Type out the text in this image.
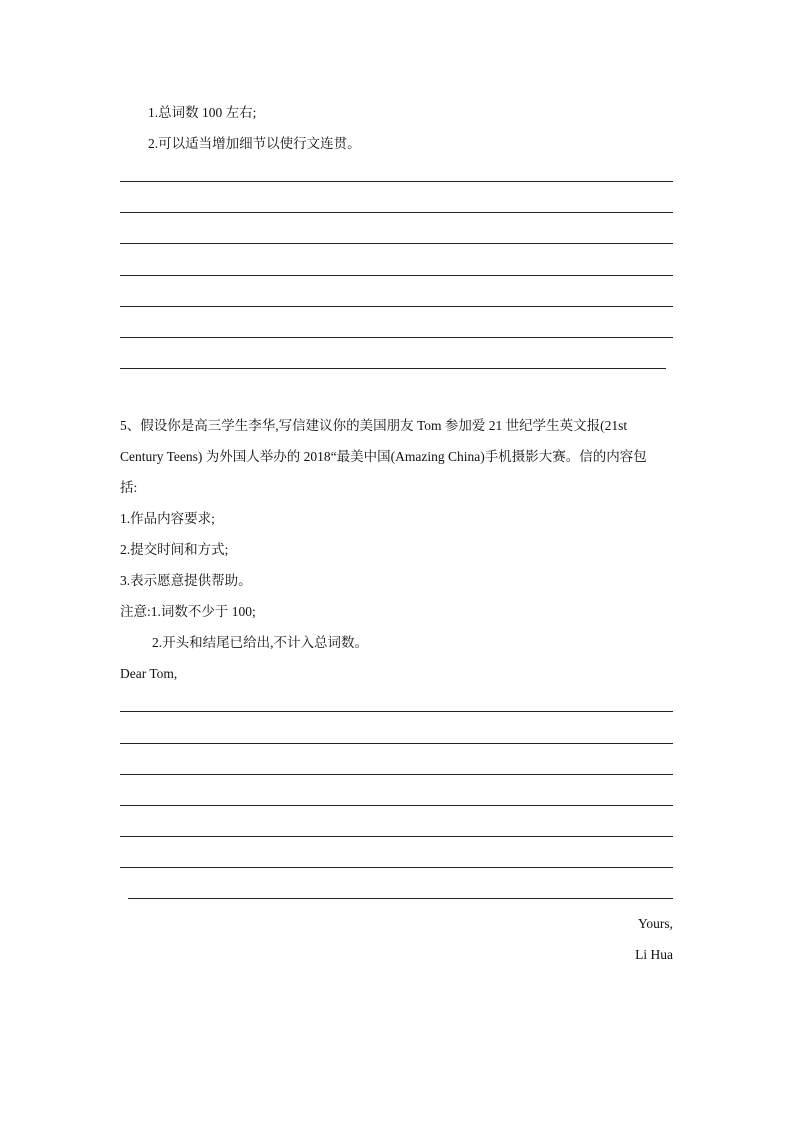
1.总词数 100 左右;
2.可以适当增加细节以使行文连贯。
5、假设你是高三学生李华,写信建议你的美国朋友 Tom 参加爱 21 世纪学生英文报(21st
Century Teens) 为外国人举办的 2018“最美中国(Amazing China)手机摄影大赛。信的内容包
括:
1.作品内容要求;
2.提交时间和方式;
3.表示愿意提供帮助。
注意:1.词数不少于 100;
2.开头和结尾已给出,不计入总词数。
Dear Tom,
Yours,
Li Hua
